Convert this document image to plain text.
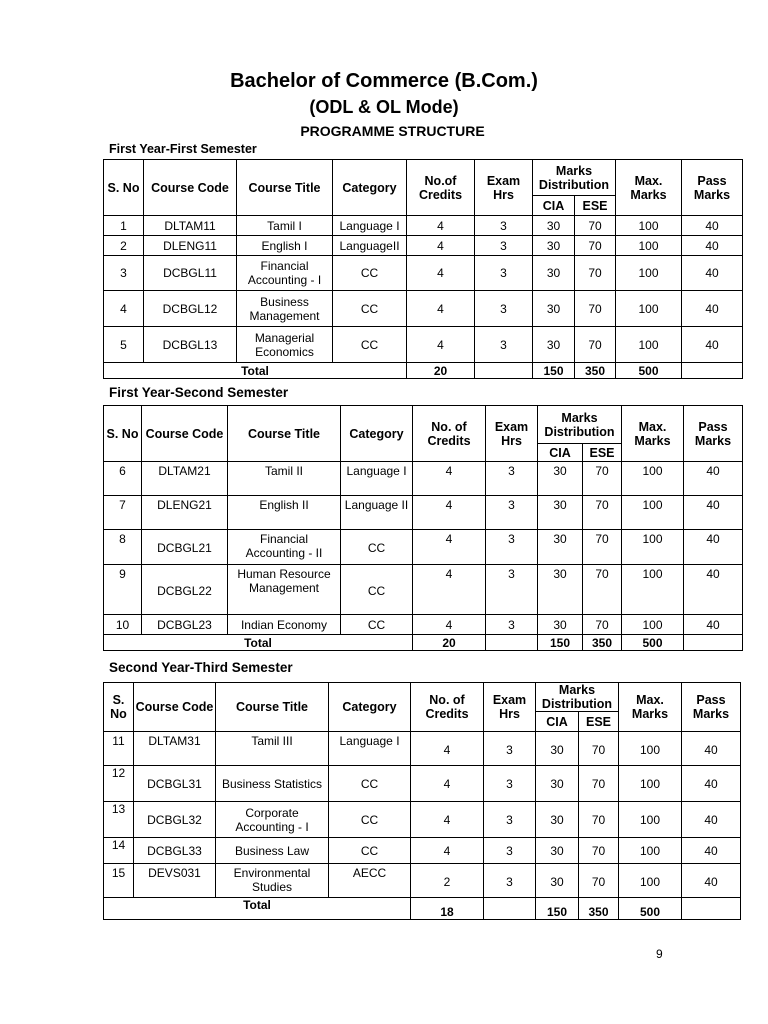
Bachelor of Commerce (B.Com.)
(ODL & OL Mode)
PROGRAMME STRUCTURE
First Year-First Semester
S. No	Course Code	Course Title	Category	No.of Credits	Exam Hrs	Marks Distribution		Max. Marks	Pass Marks
						CIA	ESE		
1	DLTAM11	Tamil I	Language I	4	3	30	70	100	40
2	DLENG11	English I	LanguageII	4	3	30	70	100	40
3	DCBGL11	Financial Accounting - I	CC	4	3	30	70	100	40
4	DCBGL12	Business Management	CC	4	3	30	70	100	40
5	DCBGL13	Managerial Economics	CC	4	3	30	70	100	40
Total				20		150	350	500	
First Year-Second Semester
S. No	Course Code	Course Title	Category	No. of Credits	Exam Hrs	Marks Distribution		Max. Marks	Pass Marks
						CIA	ESE		
6	DLTAM21	Tamil II	Language I	4	3	30	70	100	40
7	DLENG21	English II	Language II	4	3	30	70	100	40
8	DCBGL21	Financial Accounting - II	CC	4	3	30	70	100	40
9	DCBGL22	Human Resource Management	CC	4	3	30	70	100	40
10	DCBGL23	Indian Economy	CC	4	3	30	70	100	40
Total				20		150	350	500	
Second Year-Third Semester
S. No	Course Code	Course Title	Category	No. of Credits	Exam Hrs	Marks Distribution		Max. Marks	Pass Marks
						CIA	ESE		
11	DLTAM31	Tamil III	Language I	4	3	30	70	100	40
12	DCBGL31	Business Statistics	CC	4	3	30	70	100	40
13	DCBGL32	Corporate Accounting - I	CC	4	3	30	70	100	40
14	DCBGL33	Business Law	CC	4	3	30	70	100	40
15	DEVS031	Environmental Studies	AECC	2	3	30	70	100	40
Total				18		150	350	500	
9
